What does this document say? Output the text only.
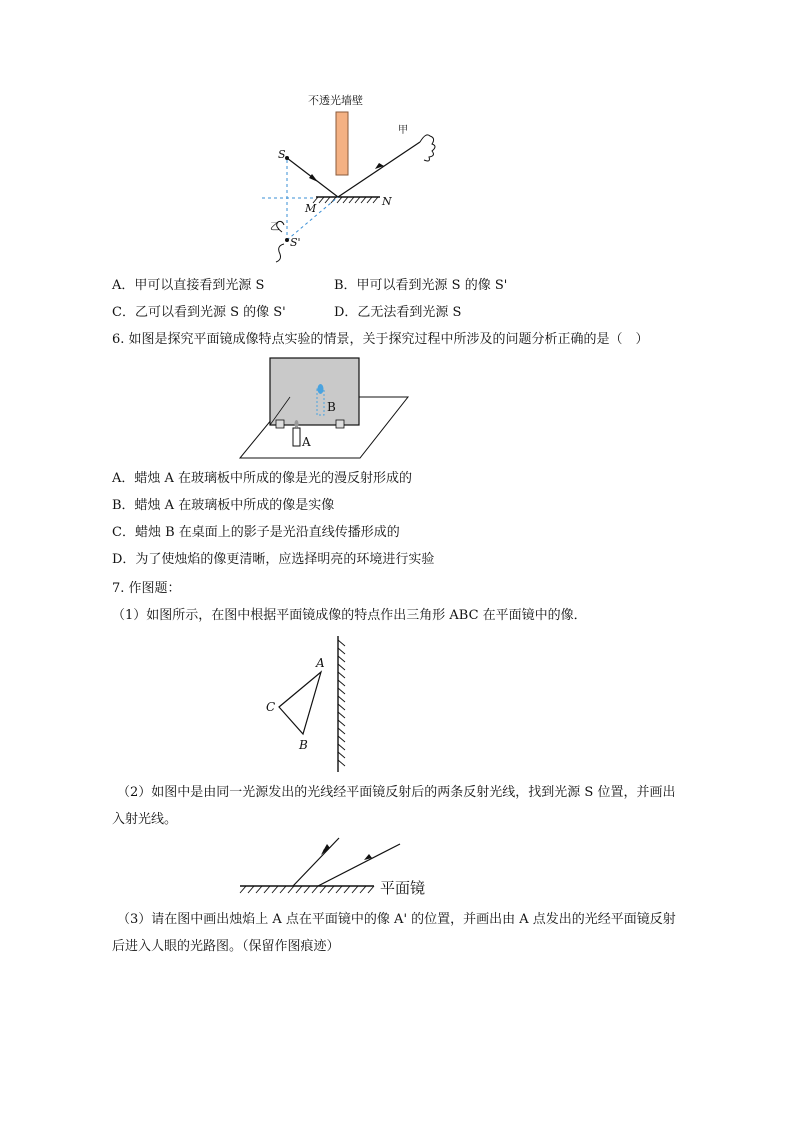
不透光墙壁
甲
乙
S
S'
M
N
A．甲可以直接看到光源 S	B．甲可以看到光源 S 的像 S'
C．乙可以看到光源 S 的像 S'	D．乙无法看到光源 S
6. 如图是探究平面镜成像特点实验的情景，关于探究过程中所涉及的问题分析正确的是（　）
B
A
A．蜡烛 A 在玻璃板中所成的像是光的漫反射形成的
B．蜡烛 A 在玻璃板中所成的像是实像
C．蜡烛 B 在桌面上的影子是光沿直线传播形成的
D．为了使烛焰的像更清晰，应选择明亮的环境进行实验
7. 作图题：
（1）如图所示，在图中根据平面镜成像的特点作出三角形 ABC 在平面镜中的像．
A
B
C
（2）如图中是由同一光源发出的光线经平面镜反射后的两条反射光线，找到光源 S 位置，并画出
入射光线。
平面镜
（3）请在图中画出烛焰上 A 点在平面镜中的像 A' 的位置，并画出由 A 点发出的光经平面镜反射
后进入人眼的光路图。（保留作图痕迹）
